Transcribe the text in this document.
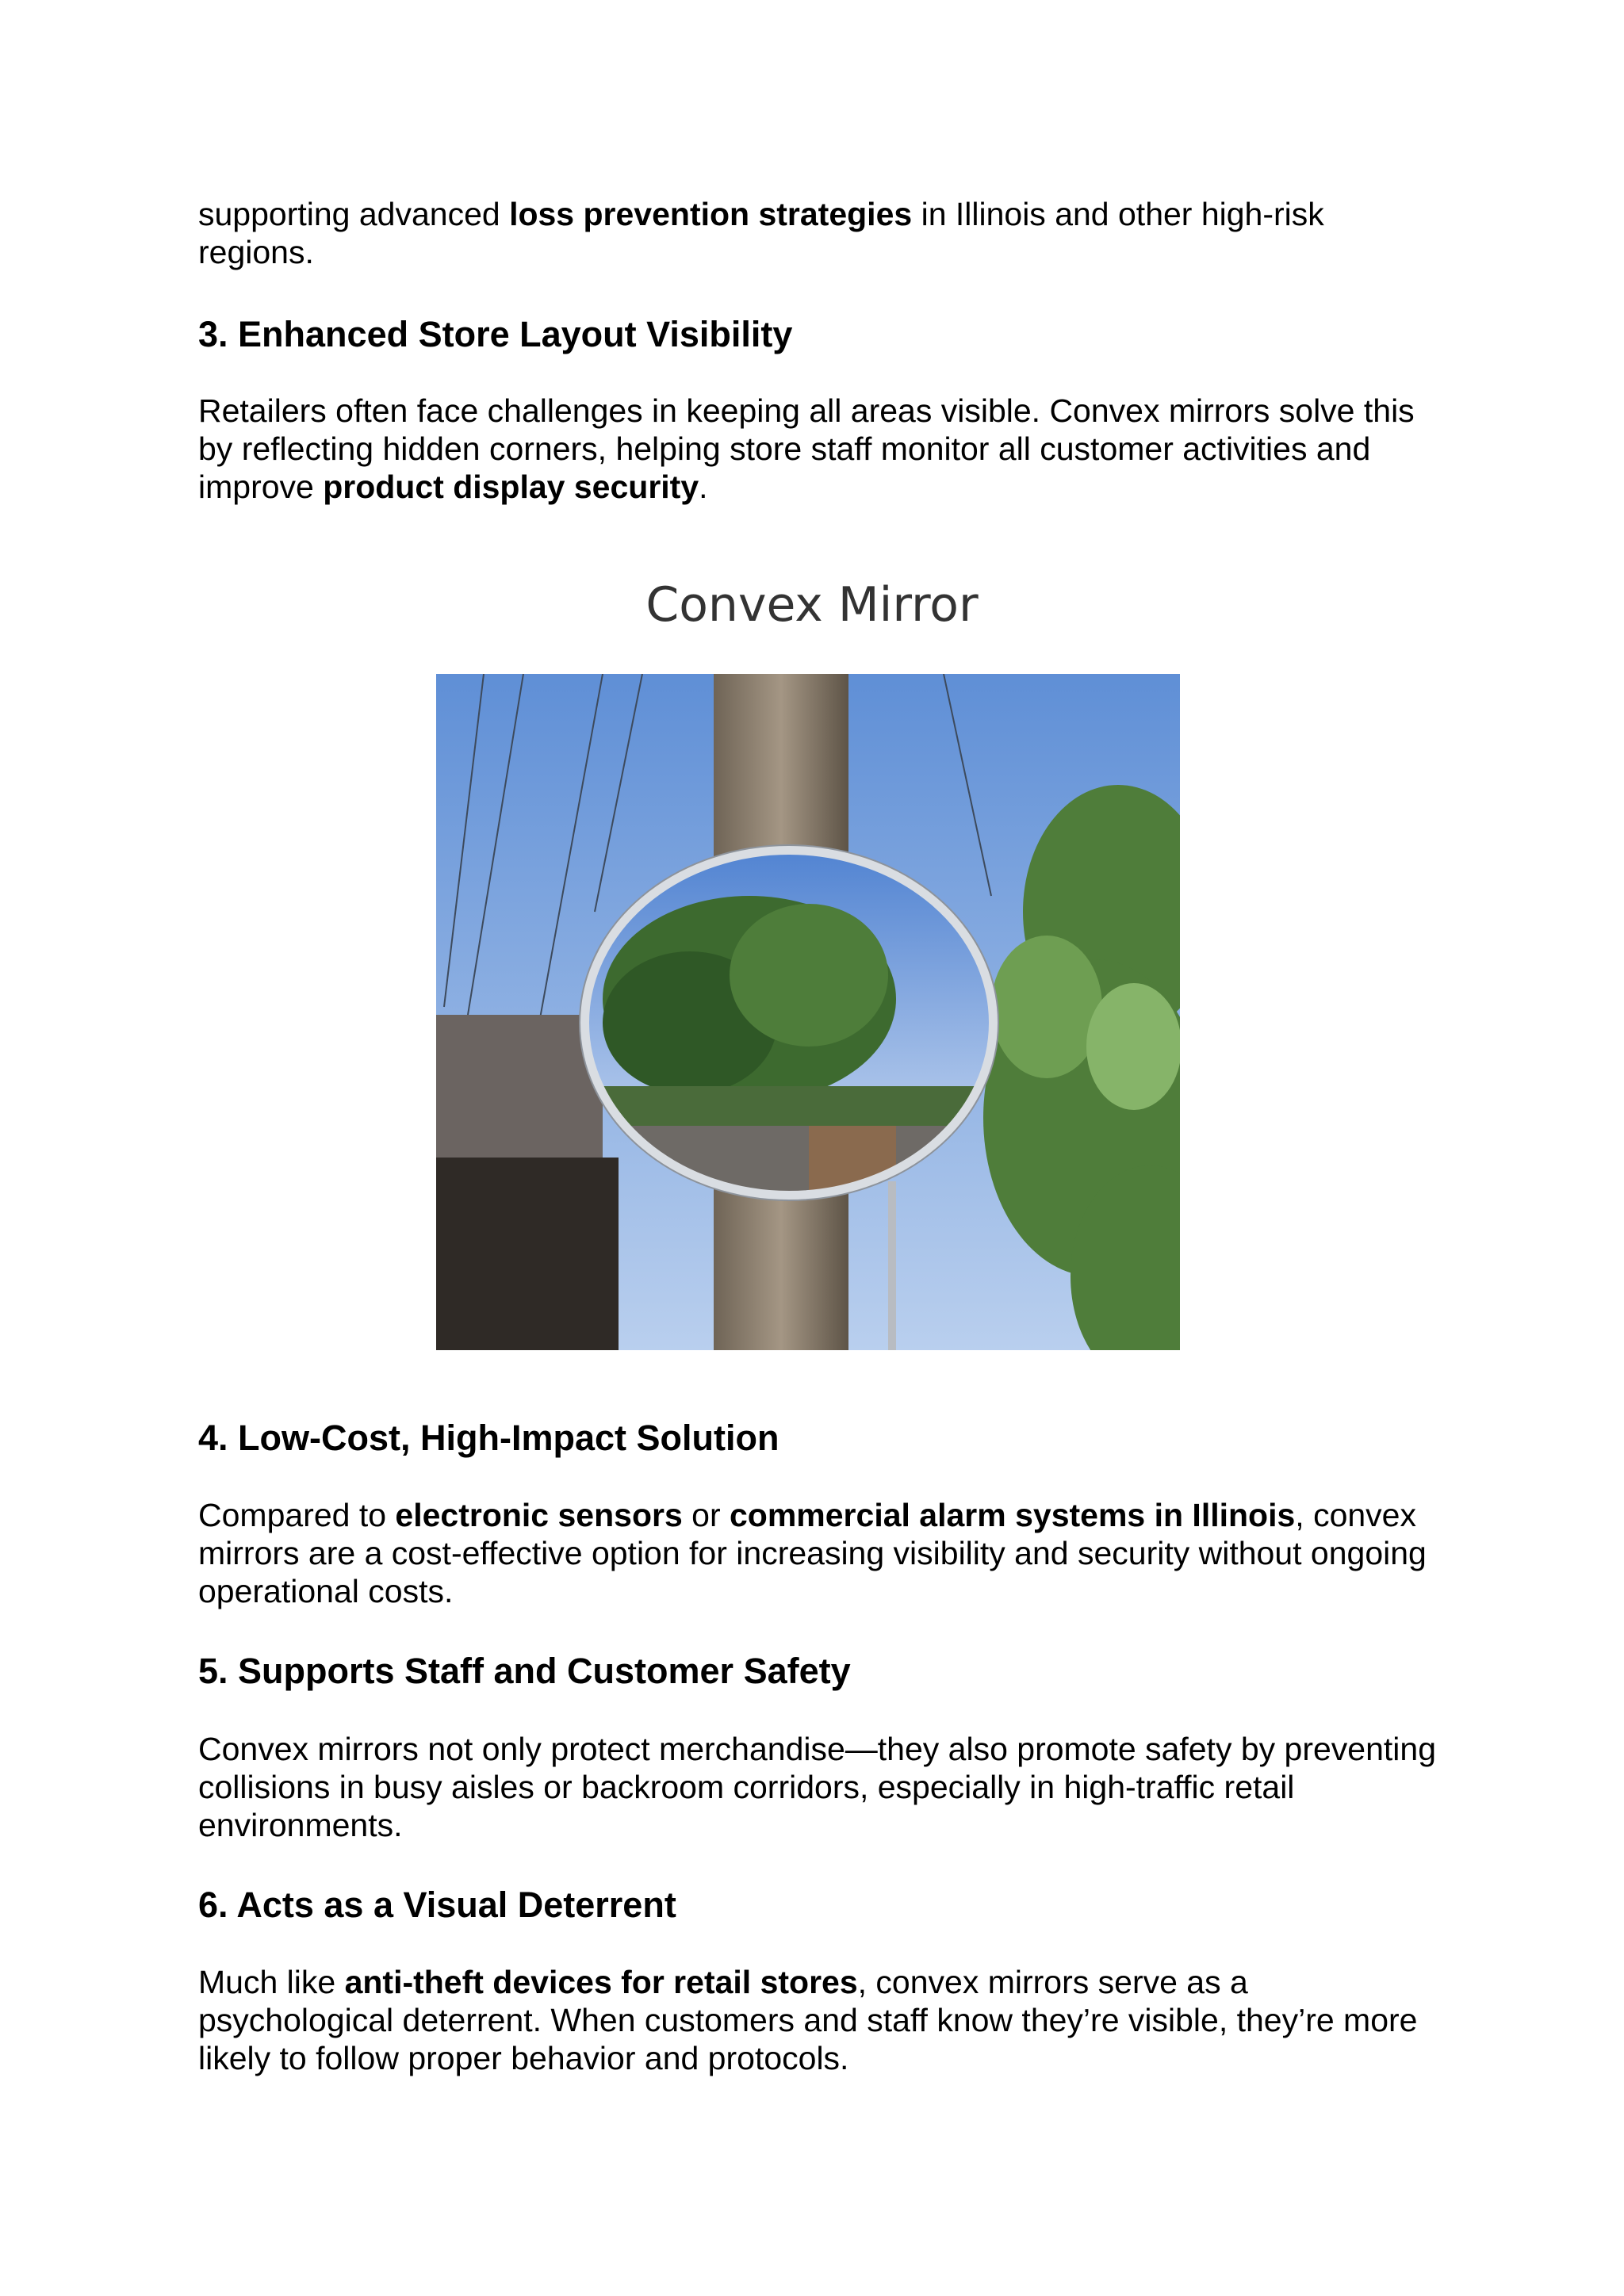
supporting advanced loss prevention strategies in Illinois and other high-risk regions.

3. Enhanced Store Layout Visibility

Retailers often face challenges in keeping all areas visible. Convex mirrors solve this by reflecting hidden corners, helping store staff monitor all customer activities and improve product display security.

Convex Mirror
4. Low-Cost, High-Impact Solution

Compared to electronic sensors or commercial alarm systems in Illinois, convex mirrors are a cost-effective option for increasing visibility and security without ongoing operational costs.

5. Supports Staff and Customer Safety

Convex mirrors not only protect merchandise—they also promote safety by preventing collisions in busy aisles or backroom corridors, especially in high-traffic retail environments.

6. Acts as a Visual Deterrent

Much like anti-theft devices for retail stores, convex mirrors serve as a psychological deterrent. When customers and staff know they’re visible, they’re more likely to follow proper behavior and protocols.
